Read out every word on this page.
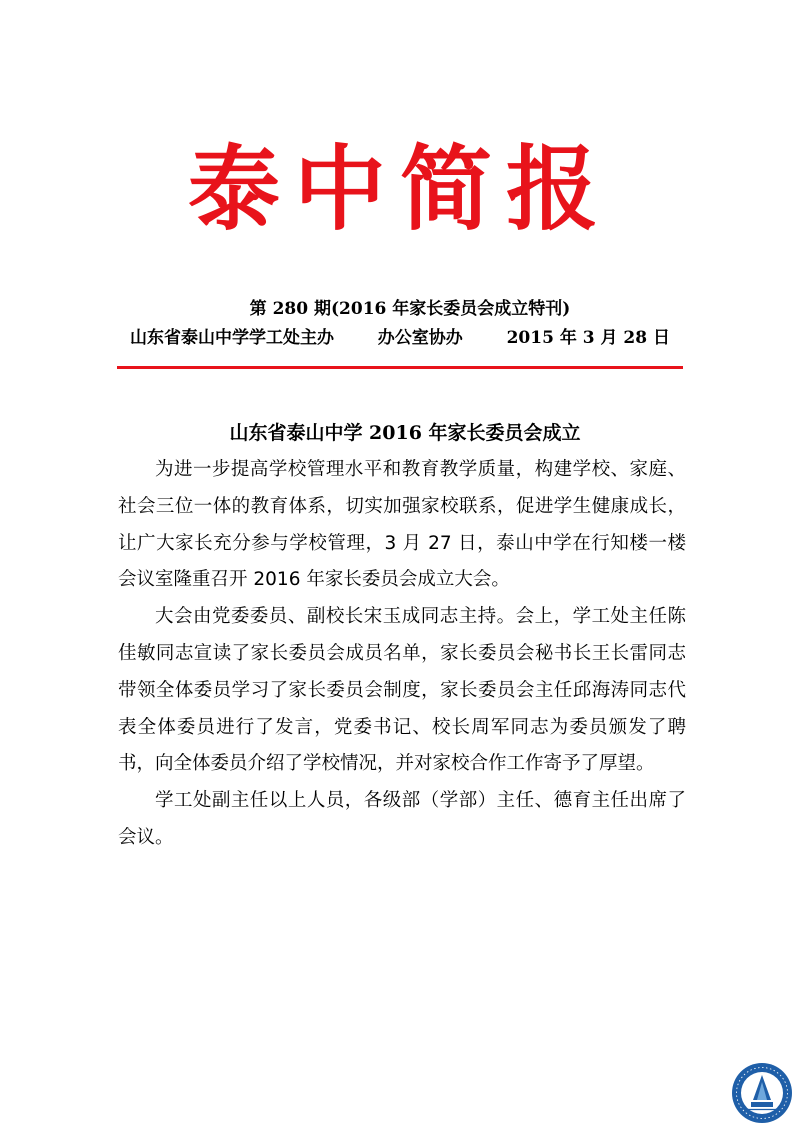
泰中简报
第 280 期(2016 年家长委员会成立特刊)
山东省泰山中学学工处主办	办公室协办	2015 年 3 月 28 日
山东省泰山中学 2016 年家长委员会成立

为进一步提高学校管理水平和教育教学质量，构建学校、家庭、社会三位一体的教育体系，切实加强家校联系，促进学生健康成长，让广大家长充分参与学校管理，3 月 27 日，泰山中学在行知楼一楼会议室隆重召开 2016 年家长委员会成立大会。

大会由党委委员、副校长宋玉成同志主持。会上，学工处主任陈佳敏同志宣读了家长委员会成员名单，家长委员会秘书长王长雷同志带领全体委员学习了家长委员会制度，家长委员会主任邱海涛同志代表全体委员进行了发言，党委书记、校长周军同志为委员颁发了聘书，向全体委员介绍了学校情况，并对家校合作工作寄予了厚望。

学工处副主任以上人员，各级部（学部）主任、德育主任出席了会议。
